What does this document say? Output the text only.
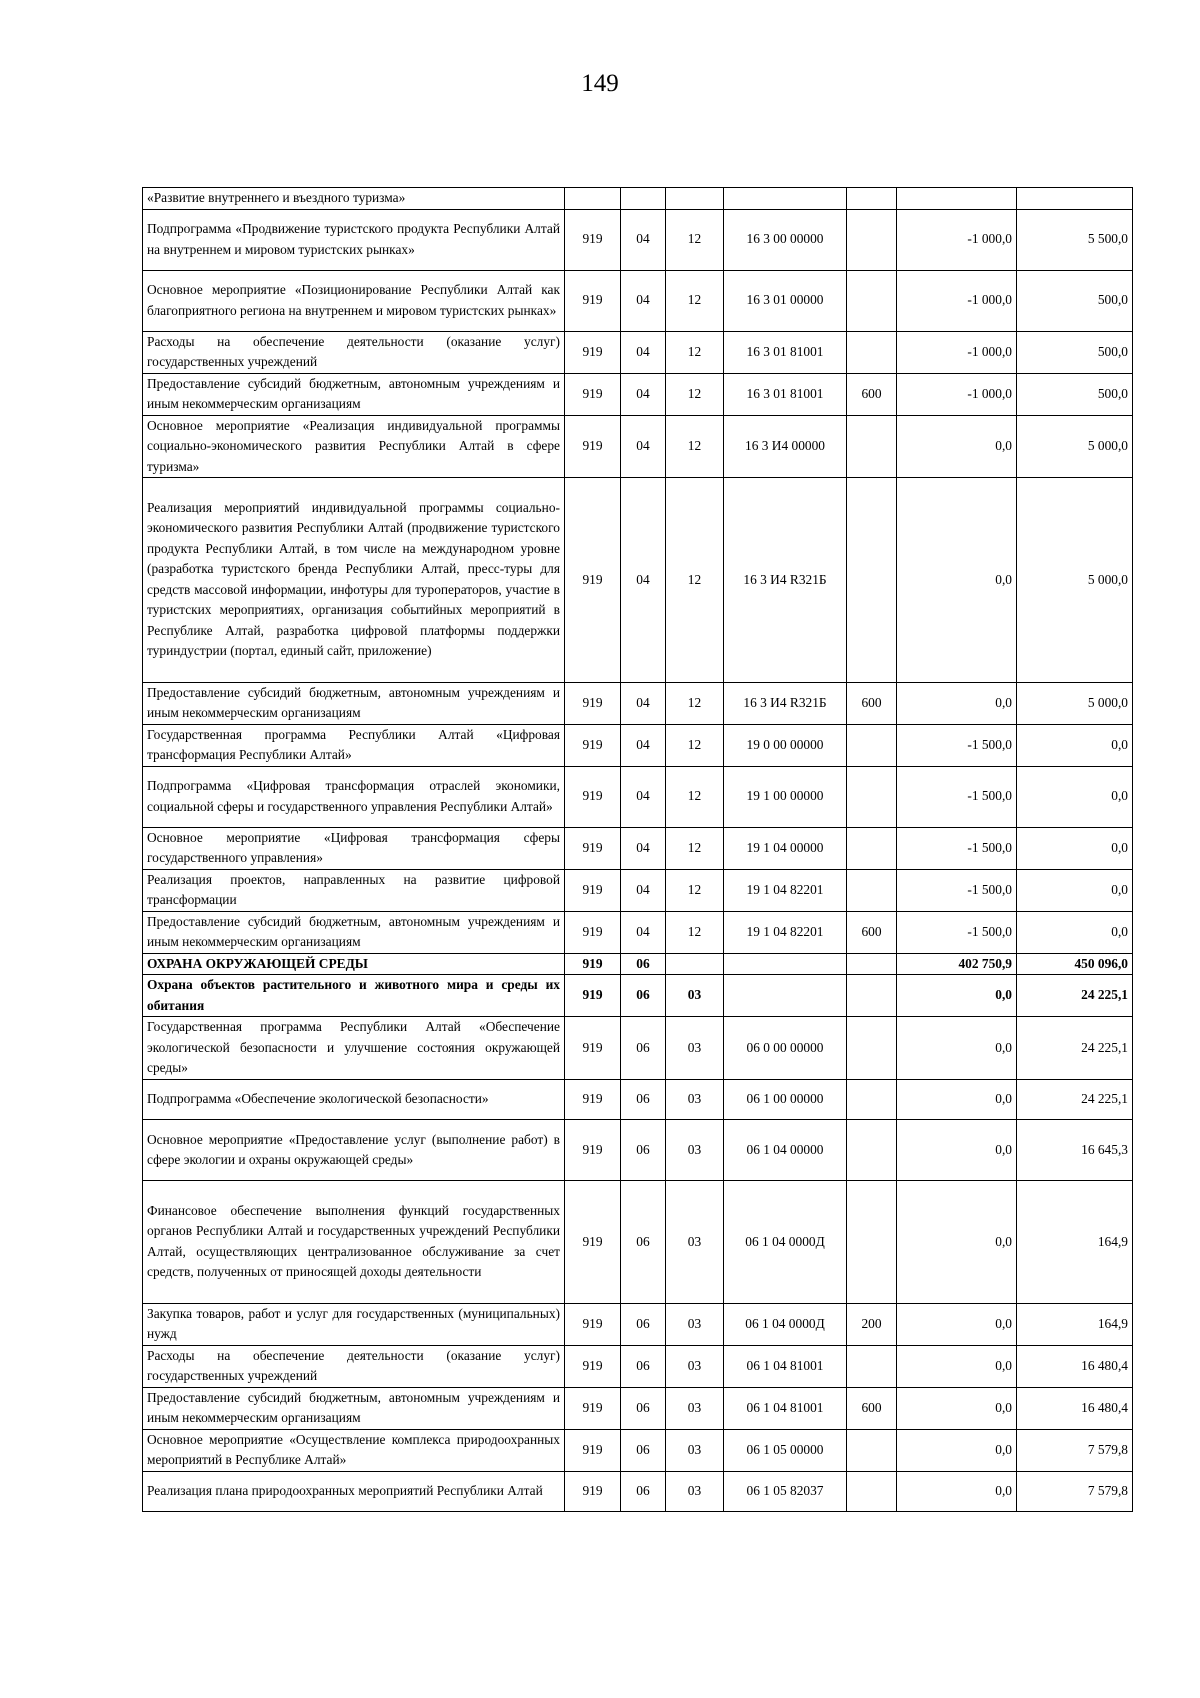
149
«Развитие внутреннего и въездного туризма»							
Подпрограмма «Продвижение туристского продукта Республики Алтай на внутреннем и мировом туристских рынках»	919	04	12	16 3 00 00000		-1 000,0	5 500,0
Основное мероприятие «Позиционирование Республики Алтай как благоприятного региона на внутреннем и мировом туристских рынках»	919	04	12	16 3 01 00000		-1 000,0	500,0
Расходы на обеспечение деятельности (оказание услуг) государственных учреждений	919	04	12	16 3 01 81001		-1 000,0	500,0
Предоставление субсидий бюджетным, автономным учреждениям и иным некоммерческим организациям	919	04	12	16 3 01 81001	600	-1 000,0	500,0
Основное мероприятие «Реализация индивидуальной программы социально-экономического развития Республики Алтай в сфере туризма»	919	04	12	16 3 И4 00000		0,0	5 000,0
Реализация мероприятий индивидуальной программы социально-экономического развития Республики Алтай (продвижение туристского продукта Республики Алтай, в том числе на международном уровне (разработка туристского бренда Республики Алтай, пресс-туры для средств массовой информации, инфотуры для туроператоров, участие в туристских мероприятиях, организация событийных мероприятий в Республике Алтай, разработка цифровой платформы поддержки туриндустрии (портал, единый сайт, приложение)	919	04	12	16 3 И4 R321Б		0,0	5 000,0
Предоставление субсидий бюджетным, автономным учреждениям и иным некоммерческим организациям	919	04	12	16 3 И4 R321Б	600	0,0	5 000,0
Государственная программа Республики Алтай «Цифровая трансформация Республики Алтай»	919	04	12	19 0 00 00000		-1 500,0	0,0
Подпрограмма «Цифровая трансформация отраслей экономики, социальной сферы и государственного управления Республики Алтай»	919	04	12	19 1 00 00000		-1 500,0	0,0
Основное мероприятие «Цифровая трансформация сферы государственного управления»	919	04	12	19 1 04 00000		-1 500,0	0,0
Реализация проектов, направленных на развитие цифровой трансформации	919	04	12	19 1 04 82201		-1 500,0	0,0
Предоставление субсидий бюджетным, автономным учреждениям и иным некоммерческим организациям	919	04	12	19 1 04 82201	600	-1 500,0	0,0
ОХРАНА ОКРУЖАЮЩЕЙ СРЕДЫ	919	06				402 750,9	450 096,0
Охрана объектов растительного и животного мира и среды их обитания	919	06	03			0,0	24 225,1
Государственная программа Республики Алтай «Обеспечение экологической безопасности и улучшение состояния окружающей среды»	919	06	03	06 0 00 00000		0,0	24 225,1
Подпрограмма «Обеспечение экологической безопасности»	919	06	03	06 1 00 00000		0,0	24 225,1
Основное мероприятие «Предоставление услуг (выполнение работ) в сфере экологии и охраны окружающей среды»	919	06	03	06 1 04 00000		0,0	16 645,3
Финансовое обеспечение выполнения функций государственных органов Республики Алтай и государственных учреждений Республики Алтай, осуществляющих централизованное обслуживание за счет средств, полученных от приносящей доходы деятельности	919	06	03	06 1 04 0000Д		0,0	164,9
Закупка товаров, работ и услуг для государственных (муниципальных) нужд	919	06	03	06 1 04 0000Д	200	0,0	164,9
Расходы на обеспечение деятельности (оказание услуг) государственных учреждений	919	06	03	06 1 04 81001		0,0	16 480,4
Предоставление субсидий бюджетным, автономным учреждениям и иным некоммерческим организациям	919	06	03	06 1 04 81001	600	0,0	16 480,4
Основное мероприятие «Осуществление комплекса природоохранных мероприятий в Республике Алтай»	919	06	03	06 1 05 00000		0,0	7 579,8
Реализация плана природоохранных мероприятий Республики Алтай	919	06	03	06 1 05 82037		0,0	7 579,8
